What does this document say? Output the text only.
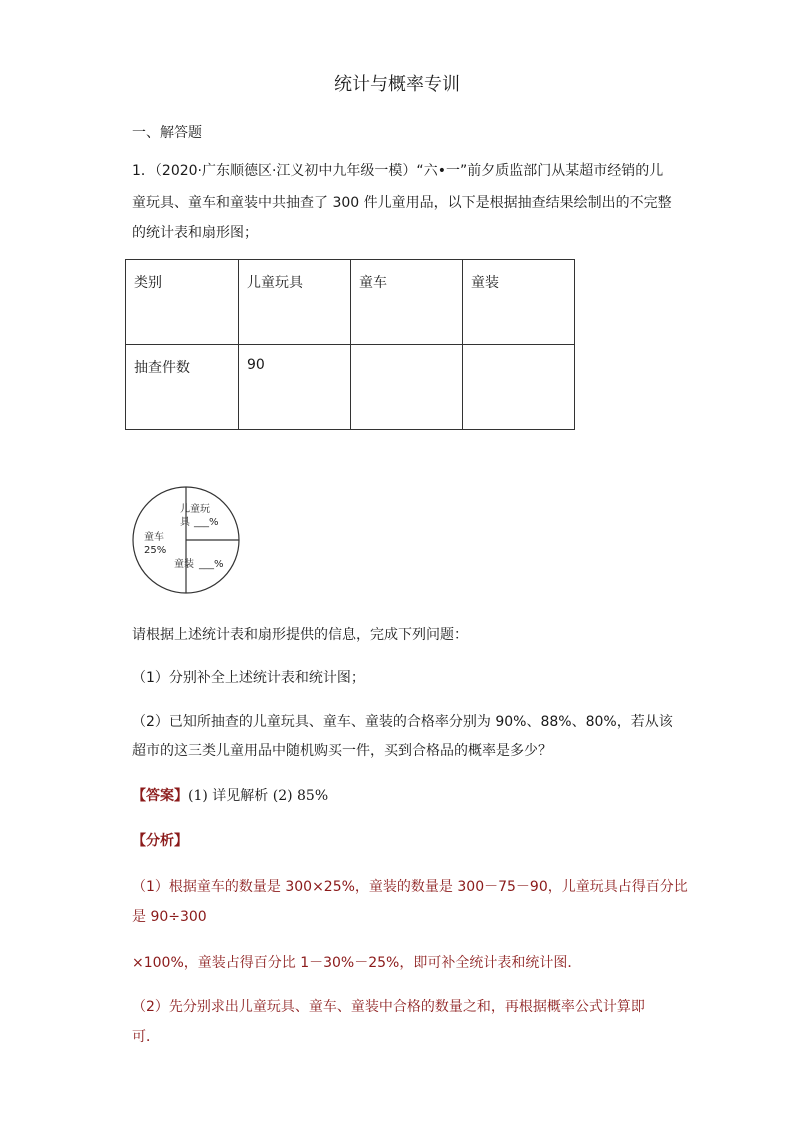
统计与概率专训
一、解答题
1．（2020·广东顺德区·江义初中九年级一模）“六•一”前夕质监部门从某超市经销的儿
童玩具、童车和童装中共抽查了 300 件儿童用品，以下是根据抽查结果绘制出的不完整
的统计表和扇形图；
类别	儿童玩具	童车	童装
抽查件数	90		
儿童玩
具 ___%
童车
25%
童装 ___%
请根据上述统计表和扇形提供的信息，完成下列问题：
（1）分别补全上述统计表和统计图；
（2）已知所抽查的儿童玩具、童车、童装的合格率分别为 90%、88%、80%，若从该
超市的这三类儿童用品中随机购买一件，买到合格品的概率是多少？
【答案】(1) 详见解析 (2) 85%
【分析】
（1）根据童车的数量是 300×25%，童装的数量是 300－75－90，儿童玩具占得百分比
是 90÷300
×100%，童装占得百分比 1－30%－25%，即可补全统计表和统计图．
（2）先分别求出儿童玩具、童车、童装中合格的数量之和，再根据概率公式计算即
可．
